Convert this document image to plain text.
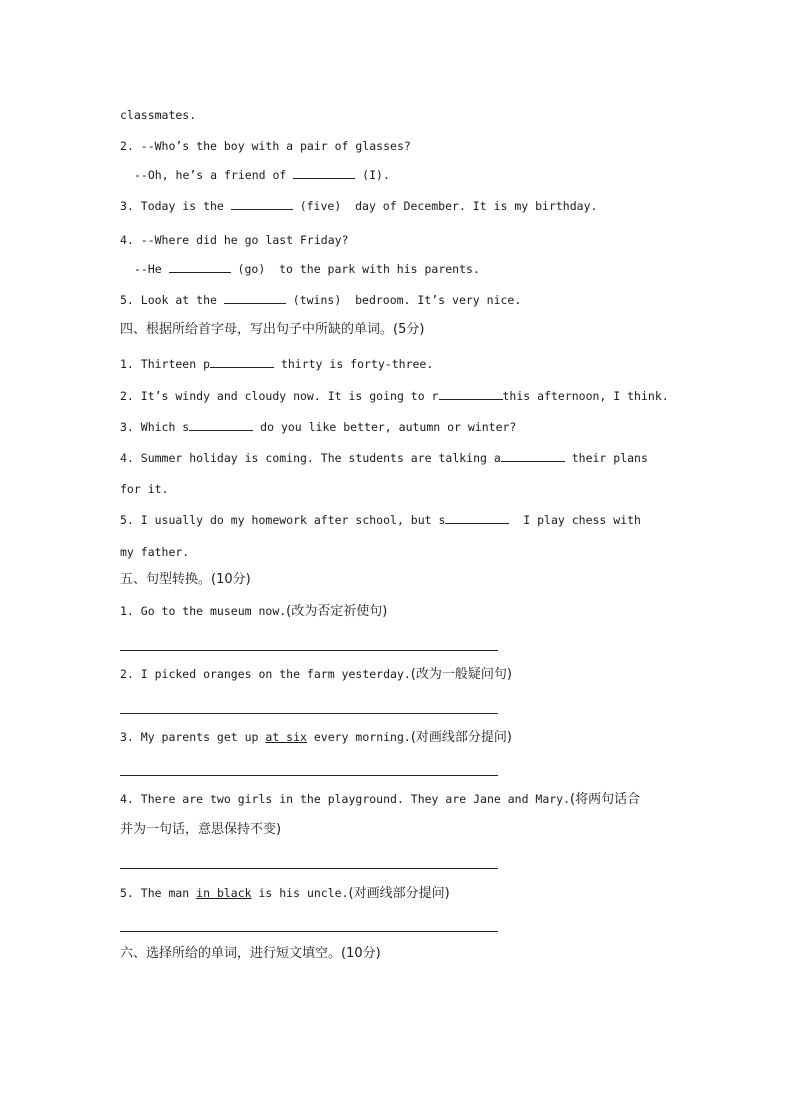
classmates.
2. --Who’s the boy with a pair of glasses?
--Oh, he’s a friend of	(I).
3. Today is the	(five)  day of December. It is my birthday.
4. --Where did he go last Friday?
--He	(go)  to the park with his parents.
5. Look at the	(twins)  bedroom. It’s very nice.
四、根据所给首字母，写出句子中所缺的单词。(5分)
1. Thirteen p	thirty is forty-three.
2. It’s windy and cloudy now. It is going to r	this afternoon, I think.
3. Which s	do you like better, autumn or winter?
4. Summer holiday is coming. The students are talking a	their plans
for it.
5. I usually do my homework after school, but s	I play chess with
my father.
五、句型转换。(10分)
1. Go to the museum now.(改为否定祈使句)
2. I picked oranges on the farm yesterday.(改为一般疑问句)
3. My parents get up at six every morning.(对画线部分提问)
4. There are two girls in the playground. They are Jane and Mary.(将两句话合
并为一句话，意思保持不变)
5. The man in black is his uncle.(对画线部分提问)
六、选择所给的单词，进行短文填空。(10分)
